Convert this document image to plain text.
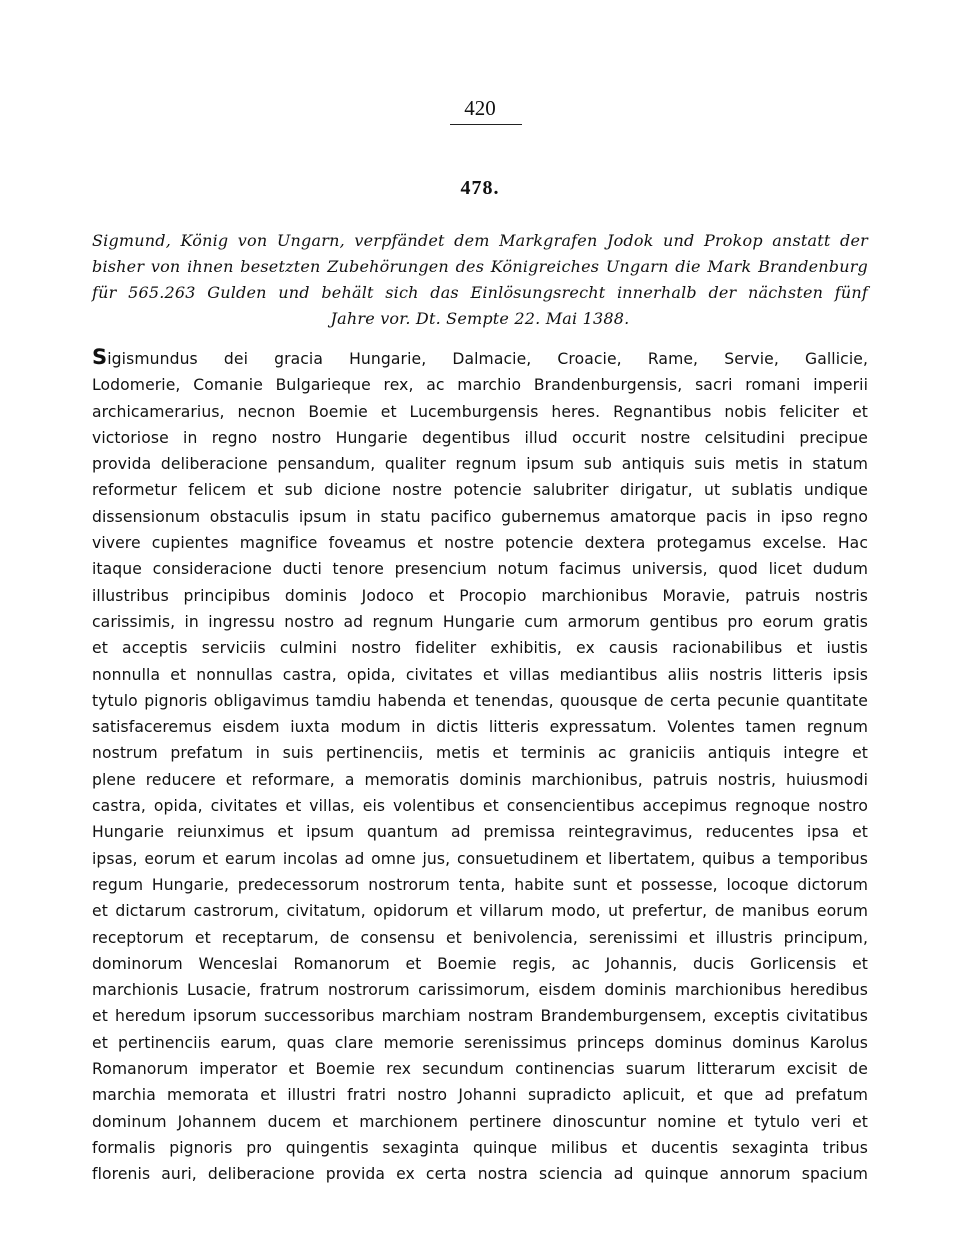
420
478.
Sigmund, König von Ungarn, verpfändet dem Markgrafen Jodok und Prokop anstatt der
bisher von ihnen besetzten Zubehörungen des Königreiches Ungarn die Mark Brandenburg
für 565.263 Gulden und behält sich das Einlösungsrecht innerhalb der nächsten fünf
Jahre vor. Dt. Sempte 22. Mai 1388.
Sigismundus dei gracia Hungarie, Dalmacie, Croacie, Rame, Servie, Gallicie,
Lodomerie, Comanie Bulgarieque rex, ac marchio Brandenburgensis, sacri romani imperii
archicamerarius, necnon Boemie et Lucemburgensis heres. Regnantibus nobis feliciter et
victoriose in regno nostro Hungarie degentibus illud occurit nostre celsitudini precipue
provida deliberacione pensandum, qualiter regnum ipsum sub antiquis suis metis in statum
reformetur felicem et sub dicione nostre potencie salubriter dirigatur, ut sublatis undique
dissensionum obstaculis ipsum in statu pacifico gubernemus amatorque pacis in ipso regno
vivere cupientes magnifice foveamus et nostre potencie dextera protegamus excelse. Hac
itaque consideracione ducti tenore presencium notum facimus universis, quod licet dudum
illustribus principibus dominis Jodoco et Procopio marchionibus Moravie, patruis nostris
carissimis, in ingressu nostro ad regnum Hungarie cum armorum gentibus pro eorum gratis
et acceptis serviciis culmini nostro fideliter exhibitis, ex causis racionabilibus et iustis
nonnulla et nonnullas castra, opida, civitates et villas mediantibus aliis nostris litteris ipsis
tytulo pignoris obligavimus tamdiu habenda et tenendas, quousque de certa pecunie quantitate
satisfaceremus eisdem iuxta modum in dictis litteris expressatum. Volentes tamen regnum
nostrum prefatum in suis pertinenciis, metis et terminis ac graniciis antiquis integre et
plene reducere et reformare, a memoratis dominis marchionibus, patruis nostris, huiusmodi
castra, opida, civitates et villas, eis volentibus et consencientibus accepimus regnoque nostro
Hungarie reiunximus et ipsum quantum ad premissa reintegravimus, reducentes ipsa et
ipsas, eorum et earum incolas ad omne jus, consuetudinem et libertatem, quibus a temporibus
regum Hungarie, predecessorum nostrorum tenta, habite sunt et possesse, locoque dictorum
et dictarum castrorum, civitatum, opidorum et villarum modo, ut prefertur, de manibus eorum
receptorum et receptarum, de consensu et benivolencia, serenissimi et illustris principum,
dominorum Wenceslai Romanorum et Boemie regis, ac Johannis, ducis Gorlicensis et
marchionis Lusacie, fratrum nostrorum carissimorum, eisdem dominis marchionibus heredibus
et heredum ipsorum successoribus marchiam nostram Brandemburgensem, exceptis civitatibus
et pertinenciis earum, quas clare memorie serenissimus princeps dominus dominus Karolus
Romanorum imperator et Boemie rex secundum continencias suarum litterarum excisit de
marchia memorata et illustri fratri nostro Johanni supradicto aplicuit, et que ad prefatum
dominum Johannem ducem et marchionem pertinere dinoscuntur nomine et tytulo veri et
formalis pignoris pro quingentis sexaginta quinque milibus et ducentis sexaginta tribus
florenis auri, deliberacione provida ex certa nostra sciencia ad quinque annorum spacium
